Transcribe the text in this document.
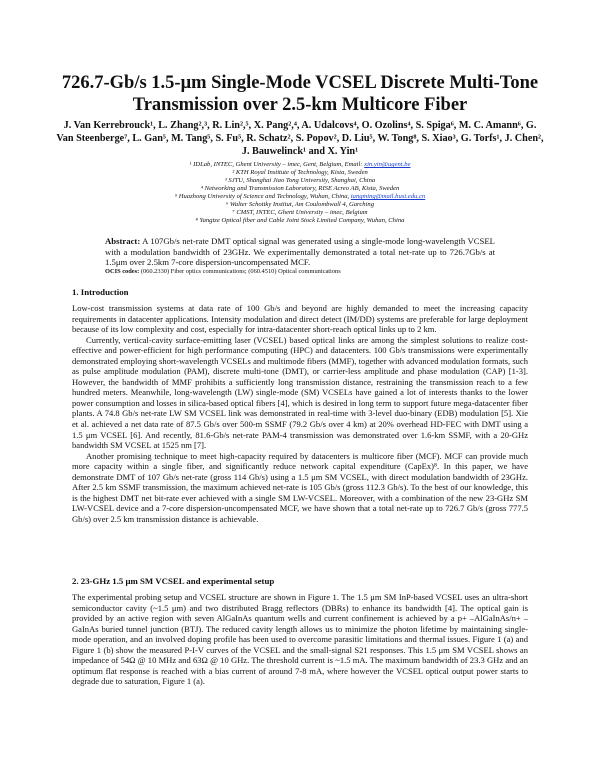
726.7-Gb/s 1.5-μm Single-Mode VCSEL Discrete Multi-Tone Transmission over 2.5-km Multicore Fiber

J. Van Kerrebrouck¹, L. Zhang²,³, R. Lin²,⁵, X. Pang²,⁴, A. Udalcovs⁴, O. Ozolins⁴, S. Spiga⁶, M. C. Amann⁶, G. Van Steenberge⁷, L. Gan⁵, M. Tang⁵, S. Fu⁵, R. Schatz², S. Popov², D. Liu⁵, W. Tong⁸, S. Xiao³, G. Torfs¹, J. Chen², J. Bauwelinck¹ and X. Yin¹

¹ IDLab, INTEC, Ghent University – imec, Gent, Belgium, Email: xin.yin@ugent.be
² KTH Royal Institute of Technology, Kista, Sweden
³ SJTU, Shanghai Jiao Tong University, Shanghai, China
⁴ Networking and Transmission Laboratory, RISE Acreo AB, Kista, Sweden
⁵ Huazhong University of Science and Technology, Wuhan, China, tangming@mail.hust.edu.cn
⁶ Walter Schottky Institut, Am Coulombwall 4, Garching
⁷ CMST, INTEC, Ghent University – imec, Belgium
⁸ Yangtze Optical fiber and Cable Joint Stock Limited Company, Wuhan, China

Abstract: A 107Gb/s net-rate DMT optical signal was generated using a single-mode long-wavelength VCSEL with a modulation bandwidth of 23GHz. We experimentally demonstrated a total net-rate up to 726.7Gb/s at 1.5μm over 2.5km 7-core dispersion-uncompensated MCF.

OCIS codes: (060.2330) Fiber optics communications; (060.4510) Optical communications
1. Introduction

Low-cost transmission systems at data rate of 100 Gb/s and beyond are highly demanded to meet the increasing capacity requirements in datacenter applications. Intensity modulation and direct detect (IM/DD) systems are preferable for large deployment because of its low complexity and cost, especially for intra-datacenter short-reach optical links up to 2 km.

Currently, vertical-cavity surface-emitting laser (VCSEL) based optical links are among the simplest solutions to realize cost-effective and power-efficient for high performance computing (HPC) and datacenters. 100 Gb/s transmissions were experimentally demonstrated employing short-wavelength VCSELs and multimode fibers (MMF), together with advanced modulation formats, such as pulse amplitude modulation (PAM), discrete multi-tone (DMT), or carrier-less amplitude and phase modulation (CAP) [1-3]. However, the bandwidth of MMF prohibits a sufficiently long transmission distance, restraining the transmission reach to a few hundred meters. Meanwhile, long-wavelength (LW) single-mode (SM) VCSELs have gained a lot of interests thanks to the lower power consumption and losses in silica-based optical fibers [4], which is desired in long term to support future mega-datacenter fiber plants. A 74.8 Gb/s net-rate LW SM VCSEL link was demonstrated in real-time with 3-level duo-binary (EDB) modulation [5]. Xie et al. achieved a net data rate of 87.5 Gb/s over 500-m SSMF (79.2 Gb/s over 4 km) at 20% overhead HD-FEC with DMT using a 1.5 μm VCSEL [6]. And recently, 81.6-Gb/s net-rate PAM-4 transmission was demonstrated over 1.6-km SSMF, with a 20-GHz bandwidth SM VCSEL at 1525 nm [7].

Another promising technique to meet high-capacity required by datacenters is multicore fiber (MCF). MCF can provide much more capacity within a single fiber, and significantly reduce network capital expenditure (CapEx)⁸. In this paper, we have demonstrate DMT of 107 Gb/s net-rate (gross 114 Gb/s) using a 1.5 μm SM VCSEL, with direct modulation bandwidth of 23GHz. After 2.5 km SSMF transmission, the maximum achieved net-rate is 105 Gb/s (gross 112.3 Gb/s). To the best of our knowledge, this is the highest DMT net bit-rate ever achieved with a single SM LW-VCSEL. Moreover, with a combination of the new 23-GHz SM LW-VCSEL device and a 7-core dispersion-uncompensated MCF, we have shown that a total net-rate up to 726.7 Gb/s (gross 777.5 Gb/s) over 2.5 km transmission distance is achievable.

2. 23-GHz 1.5 μm SM VCSEL and experimental setup

The experimental probing setup and VCSEL structure are shown in Figure 1. The 1.5 μm SM InP-based VCSEL uses an ultra-short semiconductor cavity (~1.5 μm) and two distributed Bragg reflectors (DBRs) to enhance its bandwidth [4]. The optical gain is provided by an active region with seven AlGaInAs quantum wells and current confinement is achieved by a p+ –AlGaInAs/n+ –GaInAs buried tunnel junction (BTJ). The reduced cavity length allows us to minimize the photon lifetime by maintaining single-mode operation, and an involved doping profile has been used to overcome parasitic limitations and thermal issues. Figure 1 (a) and Figure 1 (b) show the measured P-I-V curves of the VCSEL and the small-signal S21 responses. This 1.5 μm SM VCSEL shows an impedance of 54Ω @ 10 MHz and 63Ω @ 10 GHz. The threshold current is ~1.5 mA. The maximum bandwidth of 23.3 GHz and an optimum flat response is reached with a bias current of around 7-8 mA, where however the VCSEL optical output power starts to degrade due to saturation, Figure 1 (a).
